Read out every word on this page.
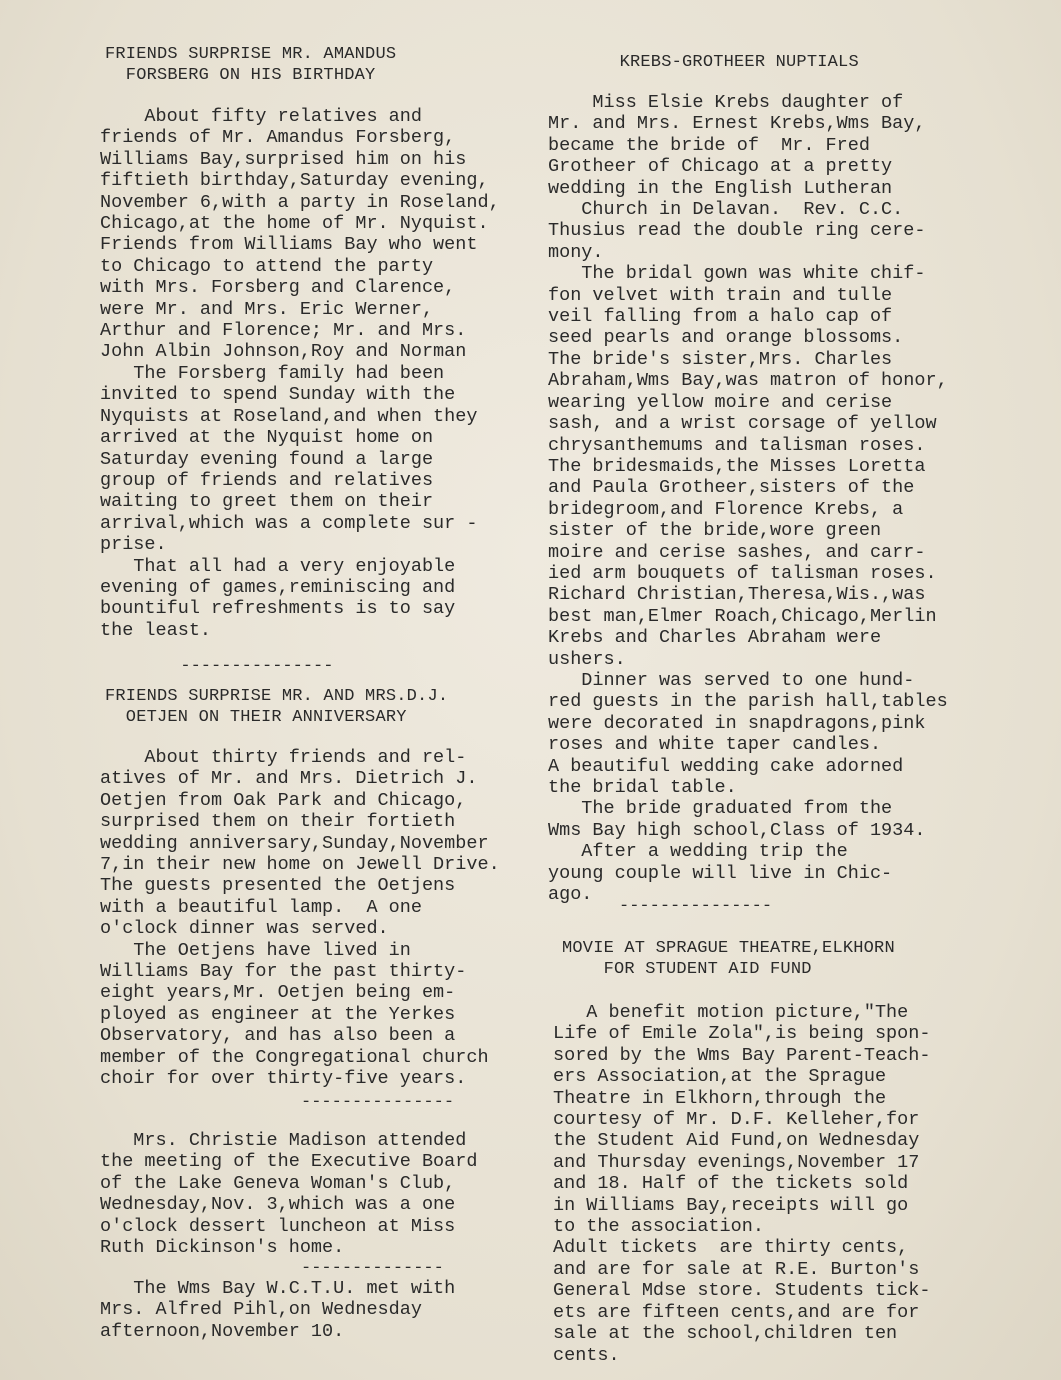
FRIENDS SURPRISE MR. AMANDUS
FORSBERG ON HIS BIRTHDAY

About fifty relatives and
friends of Mr. Amandus Forsberg,
Williams Bay,surprised him on his
fiftieth birthday,Saturday evening,
November 6,with a party in Roseland,
Chicago,at the home of Mr. Nyquist.
Friends from Williams Bay who went
to Chicago to attend the party
with Mrs. Forsberg and Clarence,
were Mr. and Mrs. Eric Werner,
Arthur and Florence; Mr. and Mrs.
John Albin Johnson,Roy and Norman
The Forsberg family had been
invited to spend Sunday with the
Nyquists at Roseland,and when they
arrived at the Nyquist home on
Saturday evening found a large
group of friends and relatives
waiting to greet them on their
arrival,which was a complete sur -
prise.
That all had a very enjoyable
evening of games,reminiscing and
bountiful refreshments is to say
the least.

---------------

FRIENDS SURPRISE MR. AND MRS.D.J.
OETJEN ON THEIR ANNIVERSARY

About thirty friends and rel-
atives of Mr. and Mrs. Dietrich J.
Oetjen from Oak Park and Chicago,
surprised them on their fortieth
wedding anniversary,Sunday,November
7,in their new home on Jewell Drive.
The guests presented the Oetjens
with a beautiful lamp.  A one
o'clock dinner was served.
The Oetjens have lived in
Williams Bay for the past thirty-
eight years,Mr. Oetjen being em-
ployed as engineer at the Yerkes
Observatory, and has also been a
member of the Congregational church
choir for over thirty-five years.

---------------

Mrs. Christie Madison attended
the meeting of the Executive Board
of the Lake Geneva Woman's Club,
Wednesday,Nov. 3,which was a one
o'clock dessert luncheon at Miss
Ruth Dickinson's home.

--------------

The Wms Bay W.C.T.U. met with
Mrs. Alfred Pihl,on Wednesday
afternoon,November 10.

KREBS-GROTHEER NUPTIALS

Miss Elsie Krebs daughter of
Mr. and Mrs. Ernest Krebs,Wms Bay,
became the bride of  Mr. Fred
Grotheer of Chicago at a pretty
wedding in the English Lutheran
Church in Delavan.  Rev. C.C.
Thusius read the double ring cere-
mony.
The bridal gown was white chif-
fon velvet with train and tulle
veil falling from a halo cap of
seed pearls and orange blossoms.
The bride's sister,Mrs. Charles
Abraham,Wms Bay,was matron of honor,
wearing yellow moire and cerise
sash, and a wrist corsage of yellow
chrysanthemums and talisman roses.
The bridesmaids,the Misses Loretta
and Paula Grotheer,sisters of the
bridegroom,and Florence Krebs, a
sister of the bride,wore green
moire and cerise sashes, and carr-
ied arm bouquets of talisman roses.
Richard Christian,Theresa,Wis.,was
best man,Elmer Roach,Chicago,Merlin
Krebs and Charles Abraham were
ushers.
Dinner was served to one hund-
red guests in the parish hall,tables
were decorated in snapdragons,pink
roses and white taper candles.
A beautiful wedding cake adorned
the bridal table.
The bride graduated from the
Wms Bay high school,Class of 1934.
After a wedding trip the
young couple will live in Chic-
ago.

---------------

MOVIE AT SPRAGUE THEATRE,ELKHORN
FOR STUDENT AID FUND

A benefit motion picture,"The
Life of Emile Zola",is being spon-
sored by the Wms Bay Parent-Teach-
ers Association,at the Sprague
Theatre in Elkhorn,through the
courtesy of Mr. D.F. Kelleher,for
the Student Aid Fund,on Wednesday
and Thursday evenings,November 17
and 18. Half of the tickets sold
in Williams Bay,receipts will go
to the association.
Adult tickets  are thirty cents,
and are for sale at R.E. Burton's
General Mdse store. Students tick-
ets are fifteen cents,and are for
sale at the school,children ten
cents.
